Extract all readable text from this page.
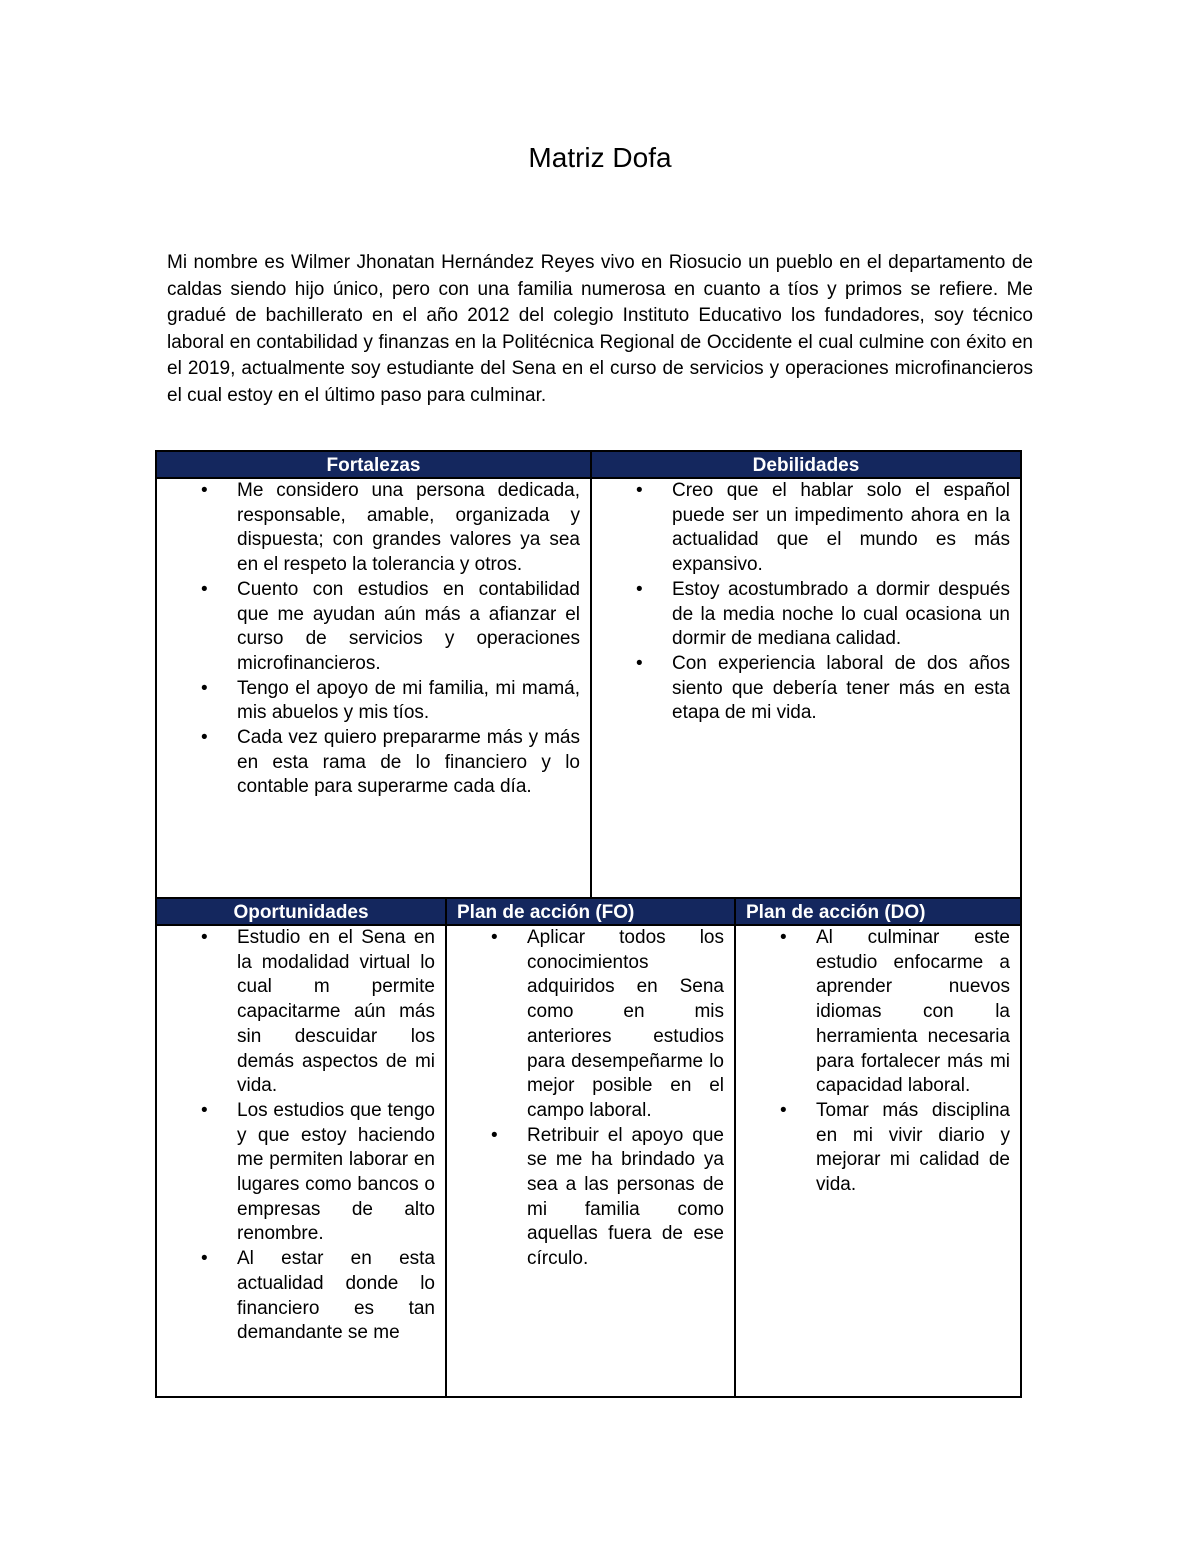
Matriz Dofa
Mi nombre es Wilmer Jhonatan Hernández Reyes vivo en Riosucio un pueblo en el departamento de caldas siendo hijo único, pero con una familia numerosa en cuanto a tíos y primos se refiere. Me gradué de bachillerato en el año 2012 del colegio Instituto Educativo los fundadores, soy técnico laboral en contabilidad y finanzas en la Politécnica Regional de Occidente el cual culmine con éxito en el 2019, actualmente soy estudiante del Sena en el curso de servicios y operaciones microfinancieros el cual estoy en el último paso para culminar.
Fortalezas
• Me considero una persona dedicada, responsable, amable, organizada y dispuesta; con grandes valores ya sea en el respeto la tolerancia y otros.
• Cuento con estudios en contabilidad que me ayudan aún más a afianzar el curso de servicios y operaciones microfinancieros.
• Tengo el apoyo de mi familia, mi mamá, mis abuelos y mis tíos.
• Cada vez quiero prepararme más y más en esta rama de lo financiero y lo contable para superarme cada día.
Debilidades
• Creo que el hablar solo el español puede ser un impedimento ahora en la actualidad que el mundo es más expansivo.
• Estoy acostumbrado a dormir después de la media noche lo cual ocasiona un dormir de mediana calidad.
• Con experiencia laboral de dos años siento que debería tener más en esta etapa de mi vida.
Oportunidades
• Estudio en el Sena en la modalidad virtual lo cual m permite capacitarme aún más sin descuidar los demás aspectos de mi vida.
• Los estudios que tengo y que estoy haciendo me permiten laborar en lugares como bancos o empresas de alto renombre.
• Al estar en esta actualidad donde lo financiero es tan demandante se me
Plan de acción (FO)
• Aplicar todos los conocimientos adquiridos en Sena como en mis anteriores estudios para desempeñarme lo mejor posible en el campo laboral.
• Retribuir el apoyo que se me ha brindado ya sea a las personas de mi familia como aquellas fuera de ese círculo.
Plan de acción (DO)
• Al culminar este estudio enfocarme a aprender nuevos idiomas con la herramienta necesaria para fortalecer más mi capacidad laboral.
• Tomar más disciplina en mi vivir diario y mejorar mi calidad de vida.
